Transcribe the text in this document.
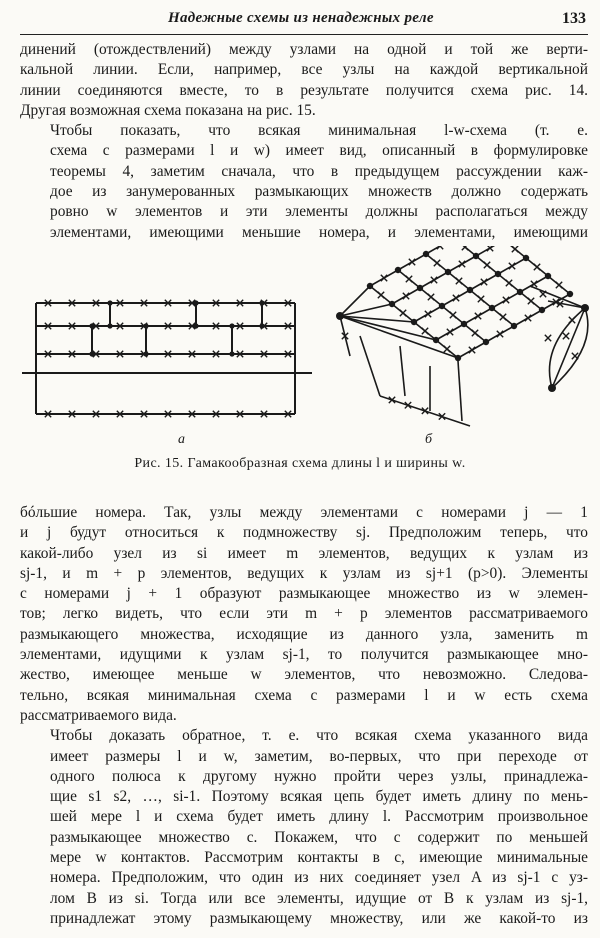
Надежные схемы из ненадежных реле	133

динений (отождествлений) между узлами на одной и той же верти-
кальной линии. Если, например, все узлы на каждой вертикальной
линии соединяются вместе, то в результате получится схема рис. 14.
Другая возможная схема показана на рис. 15.

Чтобы показать, что всякая минимальная l-w-схема (т. е.
схема с размерами l и w) имеет вид, описанный в формулировке
теоремы 4, заметим сначала, что в предыдущем рассуждении каж-
дое из занумерованных размыкающих множеств должно содержать
ровно w элементов и эти элементы должны располагаться между
элементами, имеющими меньшие номера, и элементами, имеющими

а	б
Рис. 15. Гамакообразная схема длины l и ширины w.

бóльшие номера. Так, узлы между элементами с номерами j — 1
и j будут относиться к подмножеству sj. Предположим теперь, что
какой-либо узел из si имеет m элементов, ведущих к узлам из
sj-1, и m + p элементов, ведущих к узлам из sj+1 (p>0). Элементы
с номерами j + 1 образуют размыкающее множество из w элемен-
тов; легко видеть, что если эти m + p элементов рассматриваемого
размыкающего множества, исходящие из данного узла, заменить m
элементами, идущими к узлам sj-1, то получится размыкающее мно-
жество, имеющее меньше w элементов, что невозможно. Следова-
тельно, всякая минимальная схема с размерами l и w есть схема
рассматриваемого вида.

Чтобы доказать обратное, т. е. что всякая схема указанного вида
имеет размеры l и w, заметим, во-первых, что при переходе от
одного полюса к другому нужно пройти через узлы, принадлежа-
щие s1 s2, …, si-1. Поэтому всякая цепь будет иметь длину по мень-
шей мере l и схема будет иметь длину l. Рассмотрим произвольное
размыкающее множество c. Покажем, что c содержит по меньшей
мере w контактов. Рассмотрим контакты в c, имеющие минимальные
номера. Предположим, что один из них соединяет узел A из sj-1 с уз-
лом B из si. Тогда или все элементы, идущие от B к узлам из sj-1,
принадлежат этому размыкающему множеству, или же какой-то из
